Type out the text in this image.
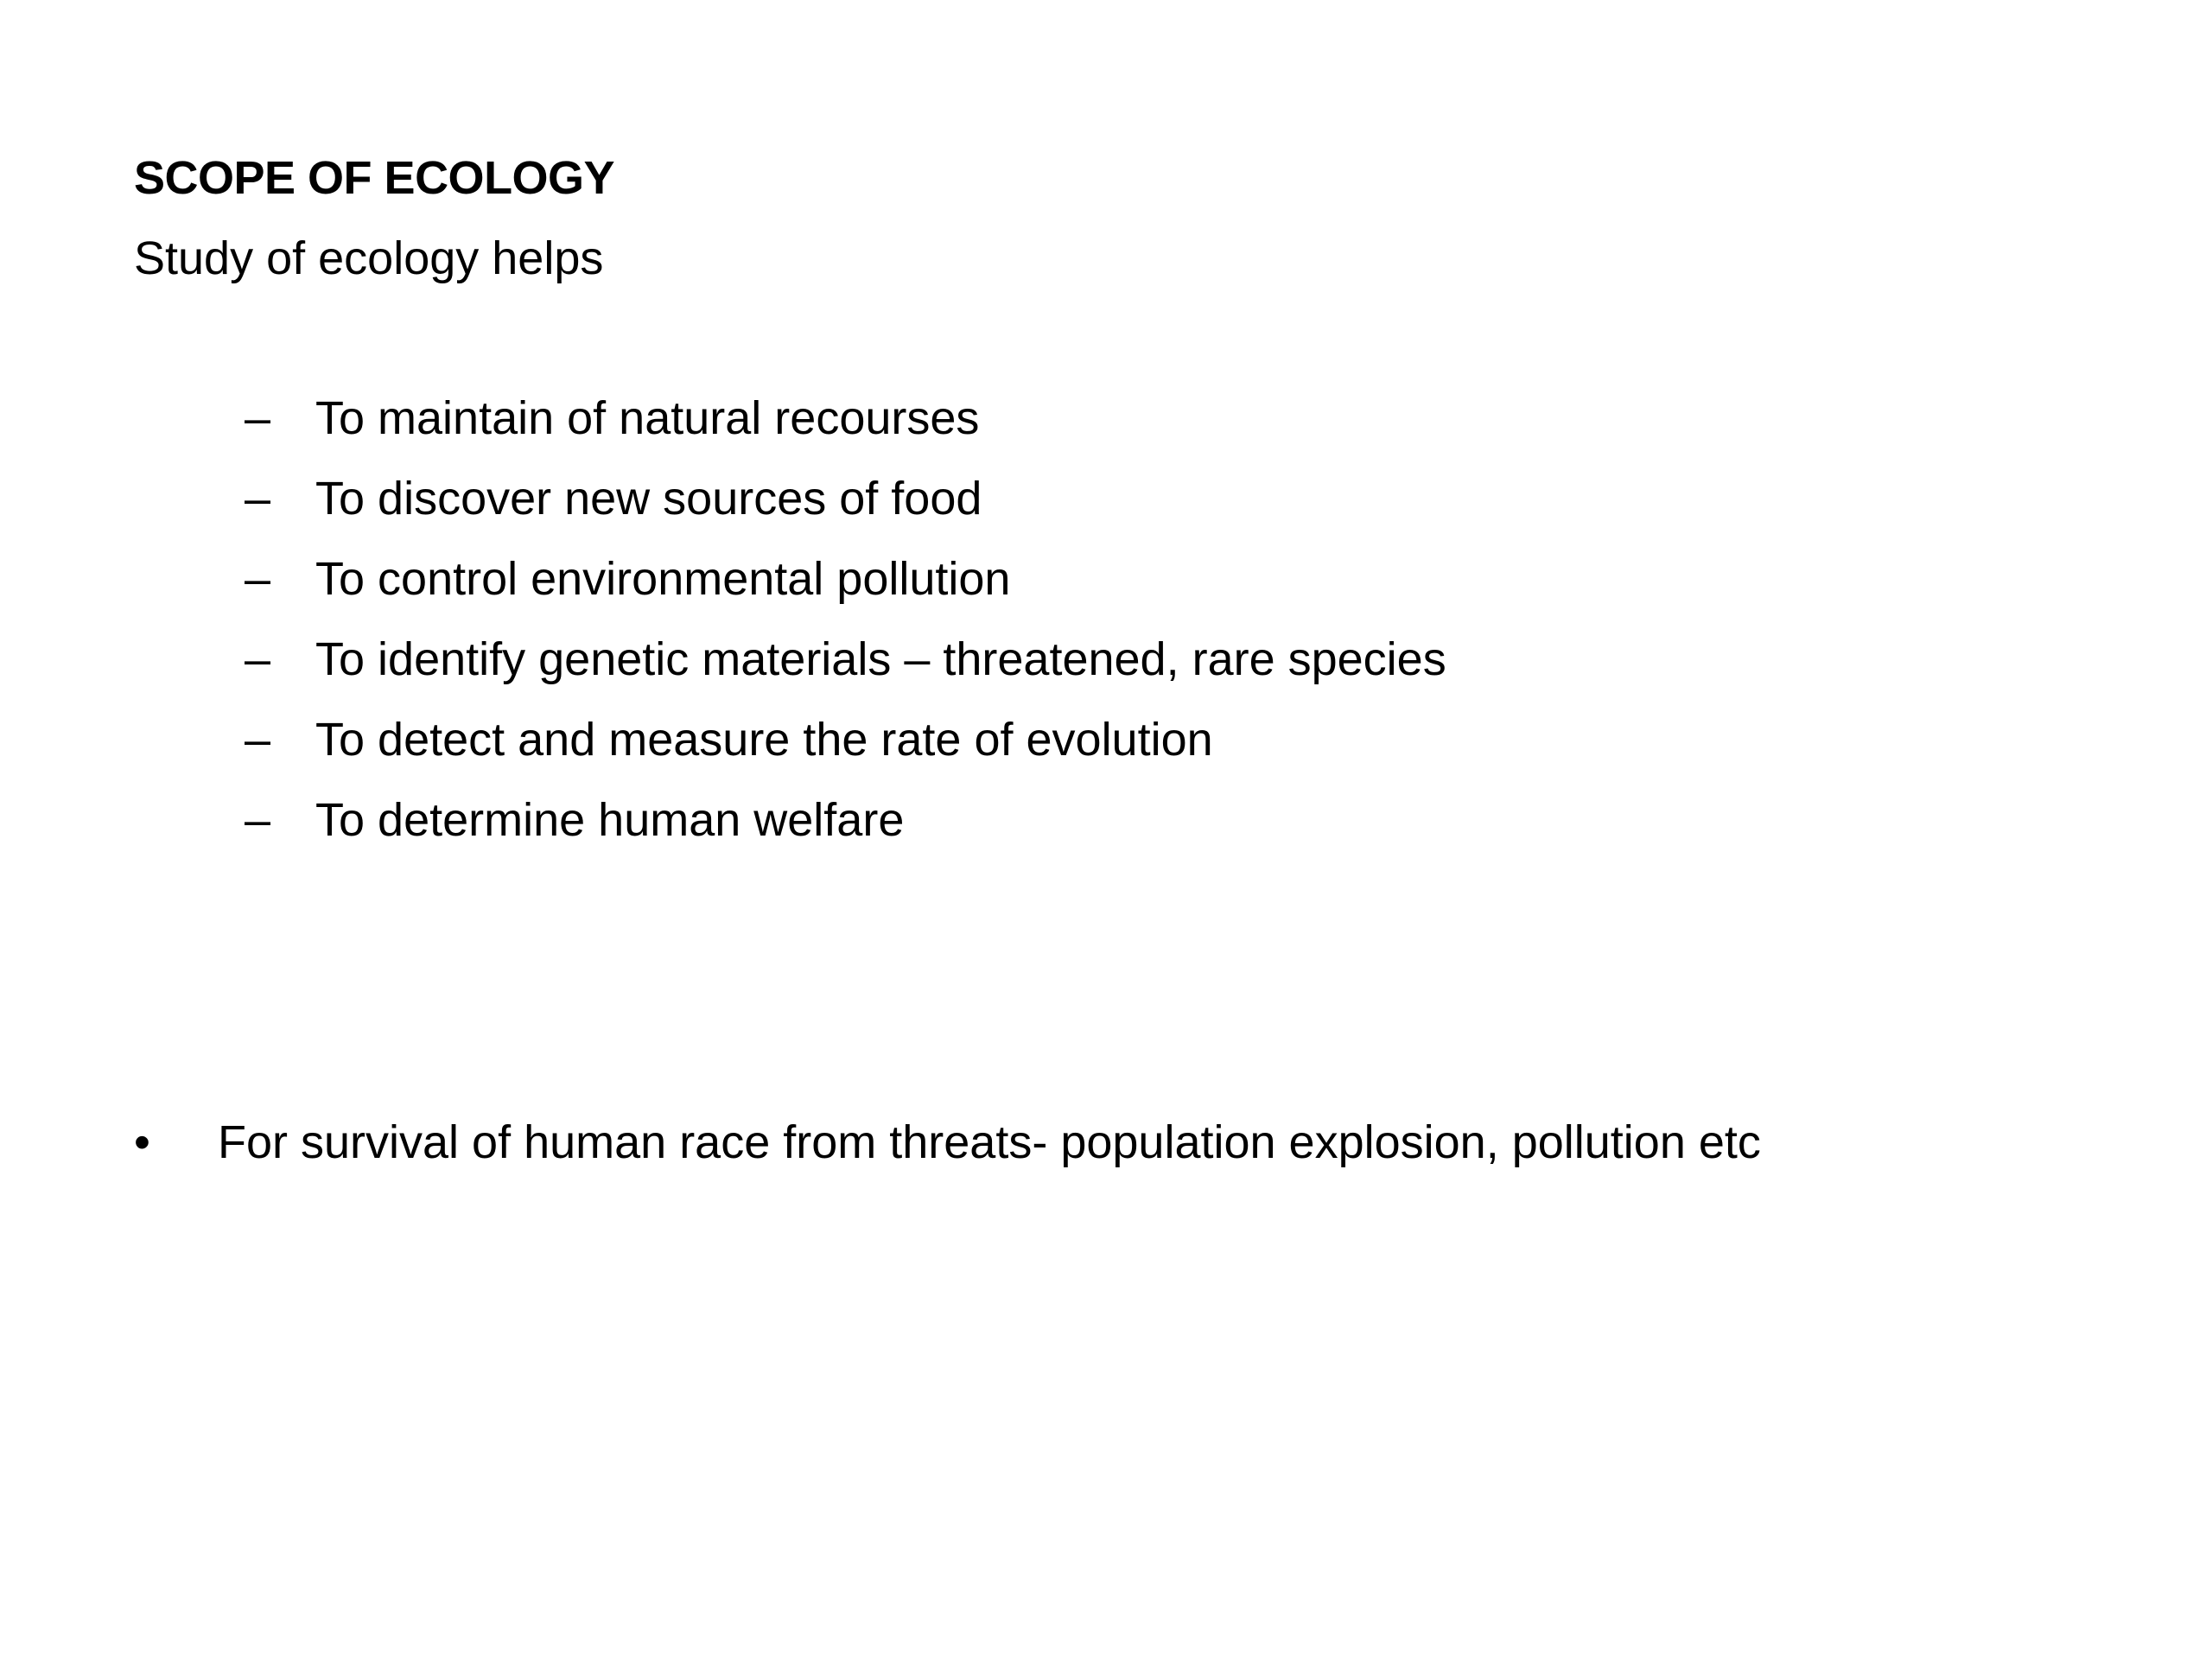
SCOPE OF ECOLOGY
Study of ecology helps
– To maintain of natural recourses
– To discover new sources of food
– To control environmental pollution
– To identify genetic materials – threatened, rare species
– To detect and measure the rate of evolution
– To determine human welfare
• For survival of human race from threats- population explosion, pollution etc
